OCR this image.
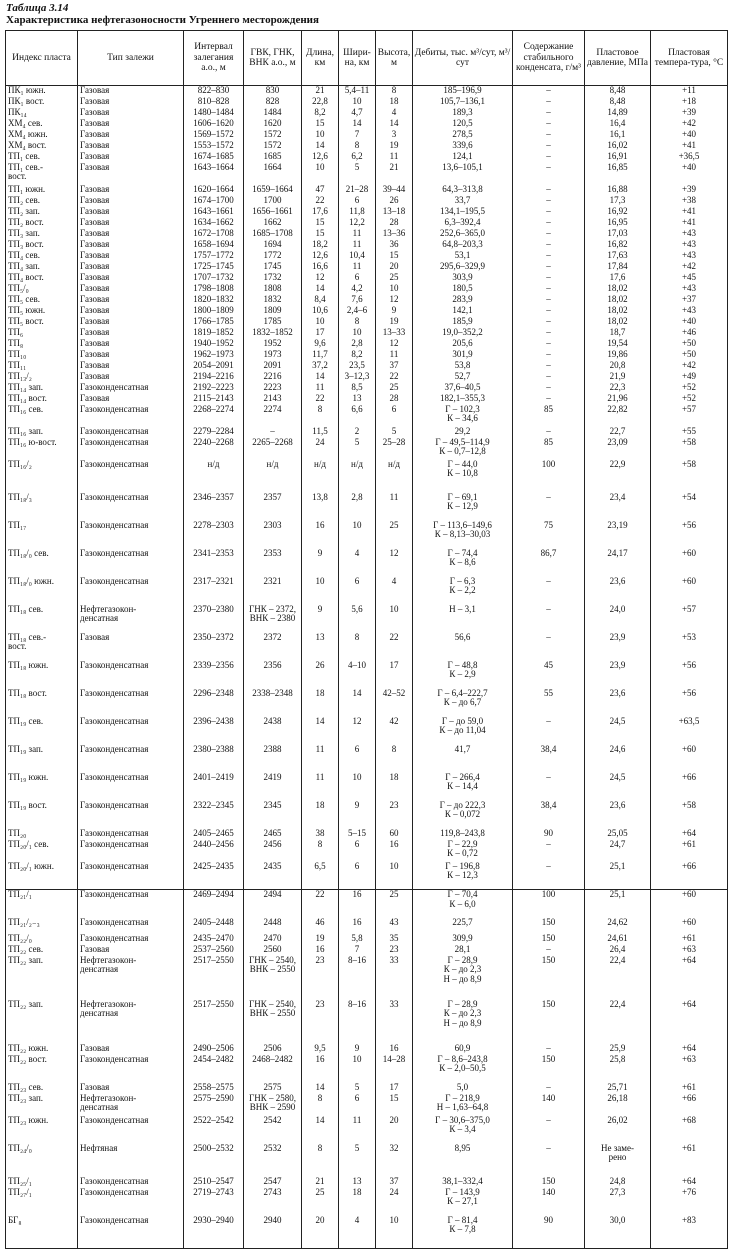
Таблица 3.14
Характеристика нефтегазоносности Угреннего месторождения
Индекс пласта	Тип залежи	Интервал залегания а.о., м	ГВК, ГНК, ВНК а.о., м	Длина, км	Шири-на, км	Высота, м	Дебиты, тыс. м³/сут, м³/сут	Содержание стабильного конденсата, г/м³	Пластовое давление, МПа	Пластовая темпера-тура, °С
ПК₁ южн.	Газовая	822–830	830	21	5,4–11	8	185–196,9	–	8,48	+11
ПК₁ вост.	Газовая	810–828	828	22,8	10	18	105,7–136,1	–	8,48	+18
ПК₁₄	Газовая	1480–1484	1484	8,2	4,7	4	189,3	–	14,89	+39
ХМ₄ сев.	Газовая	1606–1620	1620	15	14	14	120,5	–	16,4	+42
ХМ₄ южн.	Газовая	1569–1572	1572	10	7	3	278,5	–	16,1	+40
ХМ₄ вост.	Газовая	1553–1572	1572	14	8	19	339,6	–	16,02	+41
ТП₁ сев.	Газовая	1674–1685	1685	12,6	6,2	11	124,1	–	16,91	+36,5
ТП₁ сев.-
вост.	Газовая	1643–1664	1664	10	5	21	13,6–105,1	–	16,85	+40
ТП₁ южн.	Газовая	1620–1664	1659–1664	47	21–28	39–44	64,3–313,8	–	16,88	+39
ТП₂ сев.	Газовая	1674–1700	1700	22	6	26	33,7	–	17,3	+38
ТП₂ зап.	Газовая	1643–1661	1656–1661	17,6	11,8	13–18	134,1–195,5	–	16,92	+41
ТП₂ вост.	Газовая	1634–1662	1662	15	12,2	28	6,3–392,4	–	16,95	+41
ТП₃ зап.	Газовая	1672–1708	1685–1708	15	11	13–36	252,6–365,0	–	17,03	+43
ТП₃ вост.	Газовая	1658–1694	1694	18,2	11	36	64,8–203,3	–	16,82	+43
ТП₄ сев.	Газовая	1757–1772	1772	12,6	10,4	15	53,1	–	17,63	+43
ТП₄ зап.	Газовая	1725–1745	1745	16,6	11	20	295,6–329,9	–	17,84	+42
ТП₄ вост.	Газовая	1707–1732	1732	12	6	25	303,9	–	17,6	+45
ТП₅/₀	Газовая	1798–1808	1808	14	4,2	10	180,5	–	18,02	+43
ТП₅ сев.	Газовая	1820–1832	1832	8,4	7,6	12	283,9	–	18,02	+37
ТП₅ южн.	Газовая	1800–1809	1809	10,6	2,4–6	9	142,1	–	18,02	+43
ТП₅ вост.	Газовая	1766–1785	1785	10	8	19	185,9	–	18,02	+40
ТП₆	Газовая	1819–1852	1832–1852	17	10	13–33	19,0–352,2	–	18,7	+46
ТП₈	Газовая	1940–1952	1952	9,6	2,8	12	205,6	–	19,54	+50
ТП₁₀	Газовая	1962–1973	1973	11,7	8,2	11	301,9	–	19,86	+50
ТП₁₁	Газовая	2054–2091	2091	37,2	23,5	37	53,8	–	20,8	+42
ТП₁₃/₂	Газовая	2194–2216	2216	14	3–12,3	22	52,7	–	21,9	+49
ТП₁₄ зап.	Газоконденсатная	2192–2223	2223	11	8,5	25	37,6–40,5	–	22,3	+52
ТП₁₄ вост.	Газовая	2115–2143	2143	22	13	28	182,1–355,3	–	21,96	+52
ТП₁₆ сев.	Газоконденсатная	2268–2274	2274	8	6,6	6	Г – 102,3
К – 34,6	85	22,82	+57
ТП₁₆ зап.	Газоконденсатная	2279–2284	–	11,5	2	5	29,2	–	22,7	+55
ТП₁₆ ю-вост.	Газоконденсатная	2240–2268	2265–2268	24	5	25–28	Г – 49,5–114,9
К – 0,7–12,8	85	23,09	+58
ТП₁₆/₂	Газоконденсатная	н/д	н/д	н/д	н/д	н/д	Г – 44,0
К – 10,8	100	22,9	+58
ТП₁₈/₃	Газоконденсатная	2346–2357	2357	13,8	2,8	11	Г – 69,1
К – 12,9	–	23,4	+54
ТП₁₇	Газоконденсатная	2278–2303	2303	16	10	25	Г – 113,6–149,6
К – 8,13–30,03	75	23,19	+56
ТП₁₈/₀ сев.	Газоконденсатная	2341–2353	2353	9	4	12	Г – 74,4
К – 8,6	86,7	24,17	+60
ТП₁₈/₀ южн.	Газоконденсатная	2317–2321	2321	10	6	4	Г – 6,3
К – 2,2	–	23,6	+60
ТП₁₈ сев.	Нефтегазокон-
денсатная	2370–2380	ГНК – 2372,
ВНК – 2380	9	5,6	10	Н – 3,1	–	24,0	+57
ТП₁₈ сев.-
вост.	Газовая	2350–2372	2372	13	8	22	56,6	–	23,9	+53
ТП₁₈ южн.	Газоконденсатная	2339–2356	2356	26	4–10	17	Г – 48,8
К – 2,9	45	23,9	+56
ТП₁₈ вост.	Газоконденсатная	2296–2348	2338–2348	18	14	42–52	Г – 6,4–222,7
К – до 6,7	55	23,6	+56
ТП₁₉ сев.	Газоконденсатная	2396–2438	2438	14	12	42	Г – до 59,0
К – до 11,04	–	24,5	+63,5
ТП₁₉ зап.	Газоконденсатная	2380–2388	2388	11	6	8	41,7	38,4	24,6	+60
ТП₁₉ южн.	Газоконденсатная	2401–2419	2419	11	10	18	Г – 266,4
К – 14,4	–	24,5	+66
ТП₁₉ вост.	Газоконденсатная	2322–2345	2345	18	9	23	Г – до 222,3
К – 0,072	38,4	23,6	+58
ТП₂₀	Газоконденсатная	2405–2465	2465	38	5–15	60	119,8–243,8	90	25,05	+64
ТП₂₀/₁ сев.	Газоконденсатная	2440–2456	2456	8	6	16	Г – 22,9
К – 0,72	–	24,7	+61
ТП₂₀/₁ южн.	Газоконденсатная	2425–2435	2435	6,5	6	10	Г – 196,8
К – 12,3	–	25,1	+66
ТП₂₁/₁	Газоконденсатная	2469–2494	2494	22	16	25	Г – 70,4
К – 6,0	100	25,1	+60
ТП₂₁/₂₋₃	Газоконденсатная	2405–2448	2448	46	16	43	225,7	150	24,62	+60
ТП₂₂/₀	Газоконденсатная	2435–2470	2470	19	5,8	35	309,9	150	24,61	+61
ТП₂₂ сев.	Газовая	2537–2560	2560	16	7	23	28,1	–	26,4	+63
ТП₂₂ зап.	Нефтегазокон-
денсатная	2517–2550	ГНК – 2540,
ВНК – 2550	23	8–16	33	Г – 28,9
К – до 2,3
Н – до 8,9	150	22,4	+64
ТП₂₂ зап.	Нефтегазокон-
денсатная	2517–2550	ГНК – 2540,
ВНК – 2550	23	8–16	33	Г – 28,9
К – до 2,3
Н – до 8,9	150	22,4	+64
ТП₂₂ южн.	Газовая	2490–2506	2506	9,5	9	16	60,9	–	25,9	+64
ТП₂₂ вост.	Газоконденсатная	2454–2482	2468–2482	16	10	14–28	Г – 8,6–243,8
К – 2,0–50,5	150	25,8	+63
ТП₂₃ сев.	Газовая	2558–2575	2575	14	5	17	5,0	–	25,71	+61
ТП₂₃ зап.	Нефтегазокон-
денсатная	2575–2590	ГНК – 2580,
ВНК – 2590	8	6	15	Г – 218,9
Н – 1,63–64,8	140	26,18	+66
ТП₂₃ южн.	Газоконденсатная	2522–2542	2542	14	11	20	Г – 30,6–375,0
К – 3,4	–	26,02	+68
ТП₂₄/₀	Нефтяная	2500–2532	2532	8	5	32	8,95	–	Не заме-
рено	+61
ТП₂₅/₁	Газоконденсатная	2510–2547	2547	21	13	37	38,1–332,4	150	24,8	+64
ТП₂₇/₁	Газоконденсатная	2719–2743	2743	25	18	24	Г – 143,9
К – 27,1	140	27,3	+76
БГ₈	Газоконденсатная	2930–2940	2940	20	4	10	Г – 81,4
К – 7,8	90	30,0	+83
